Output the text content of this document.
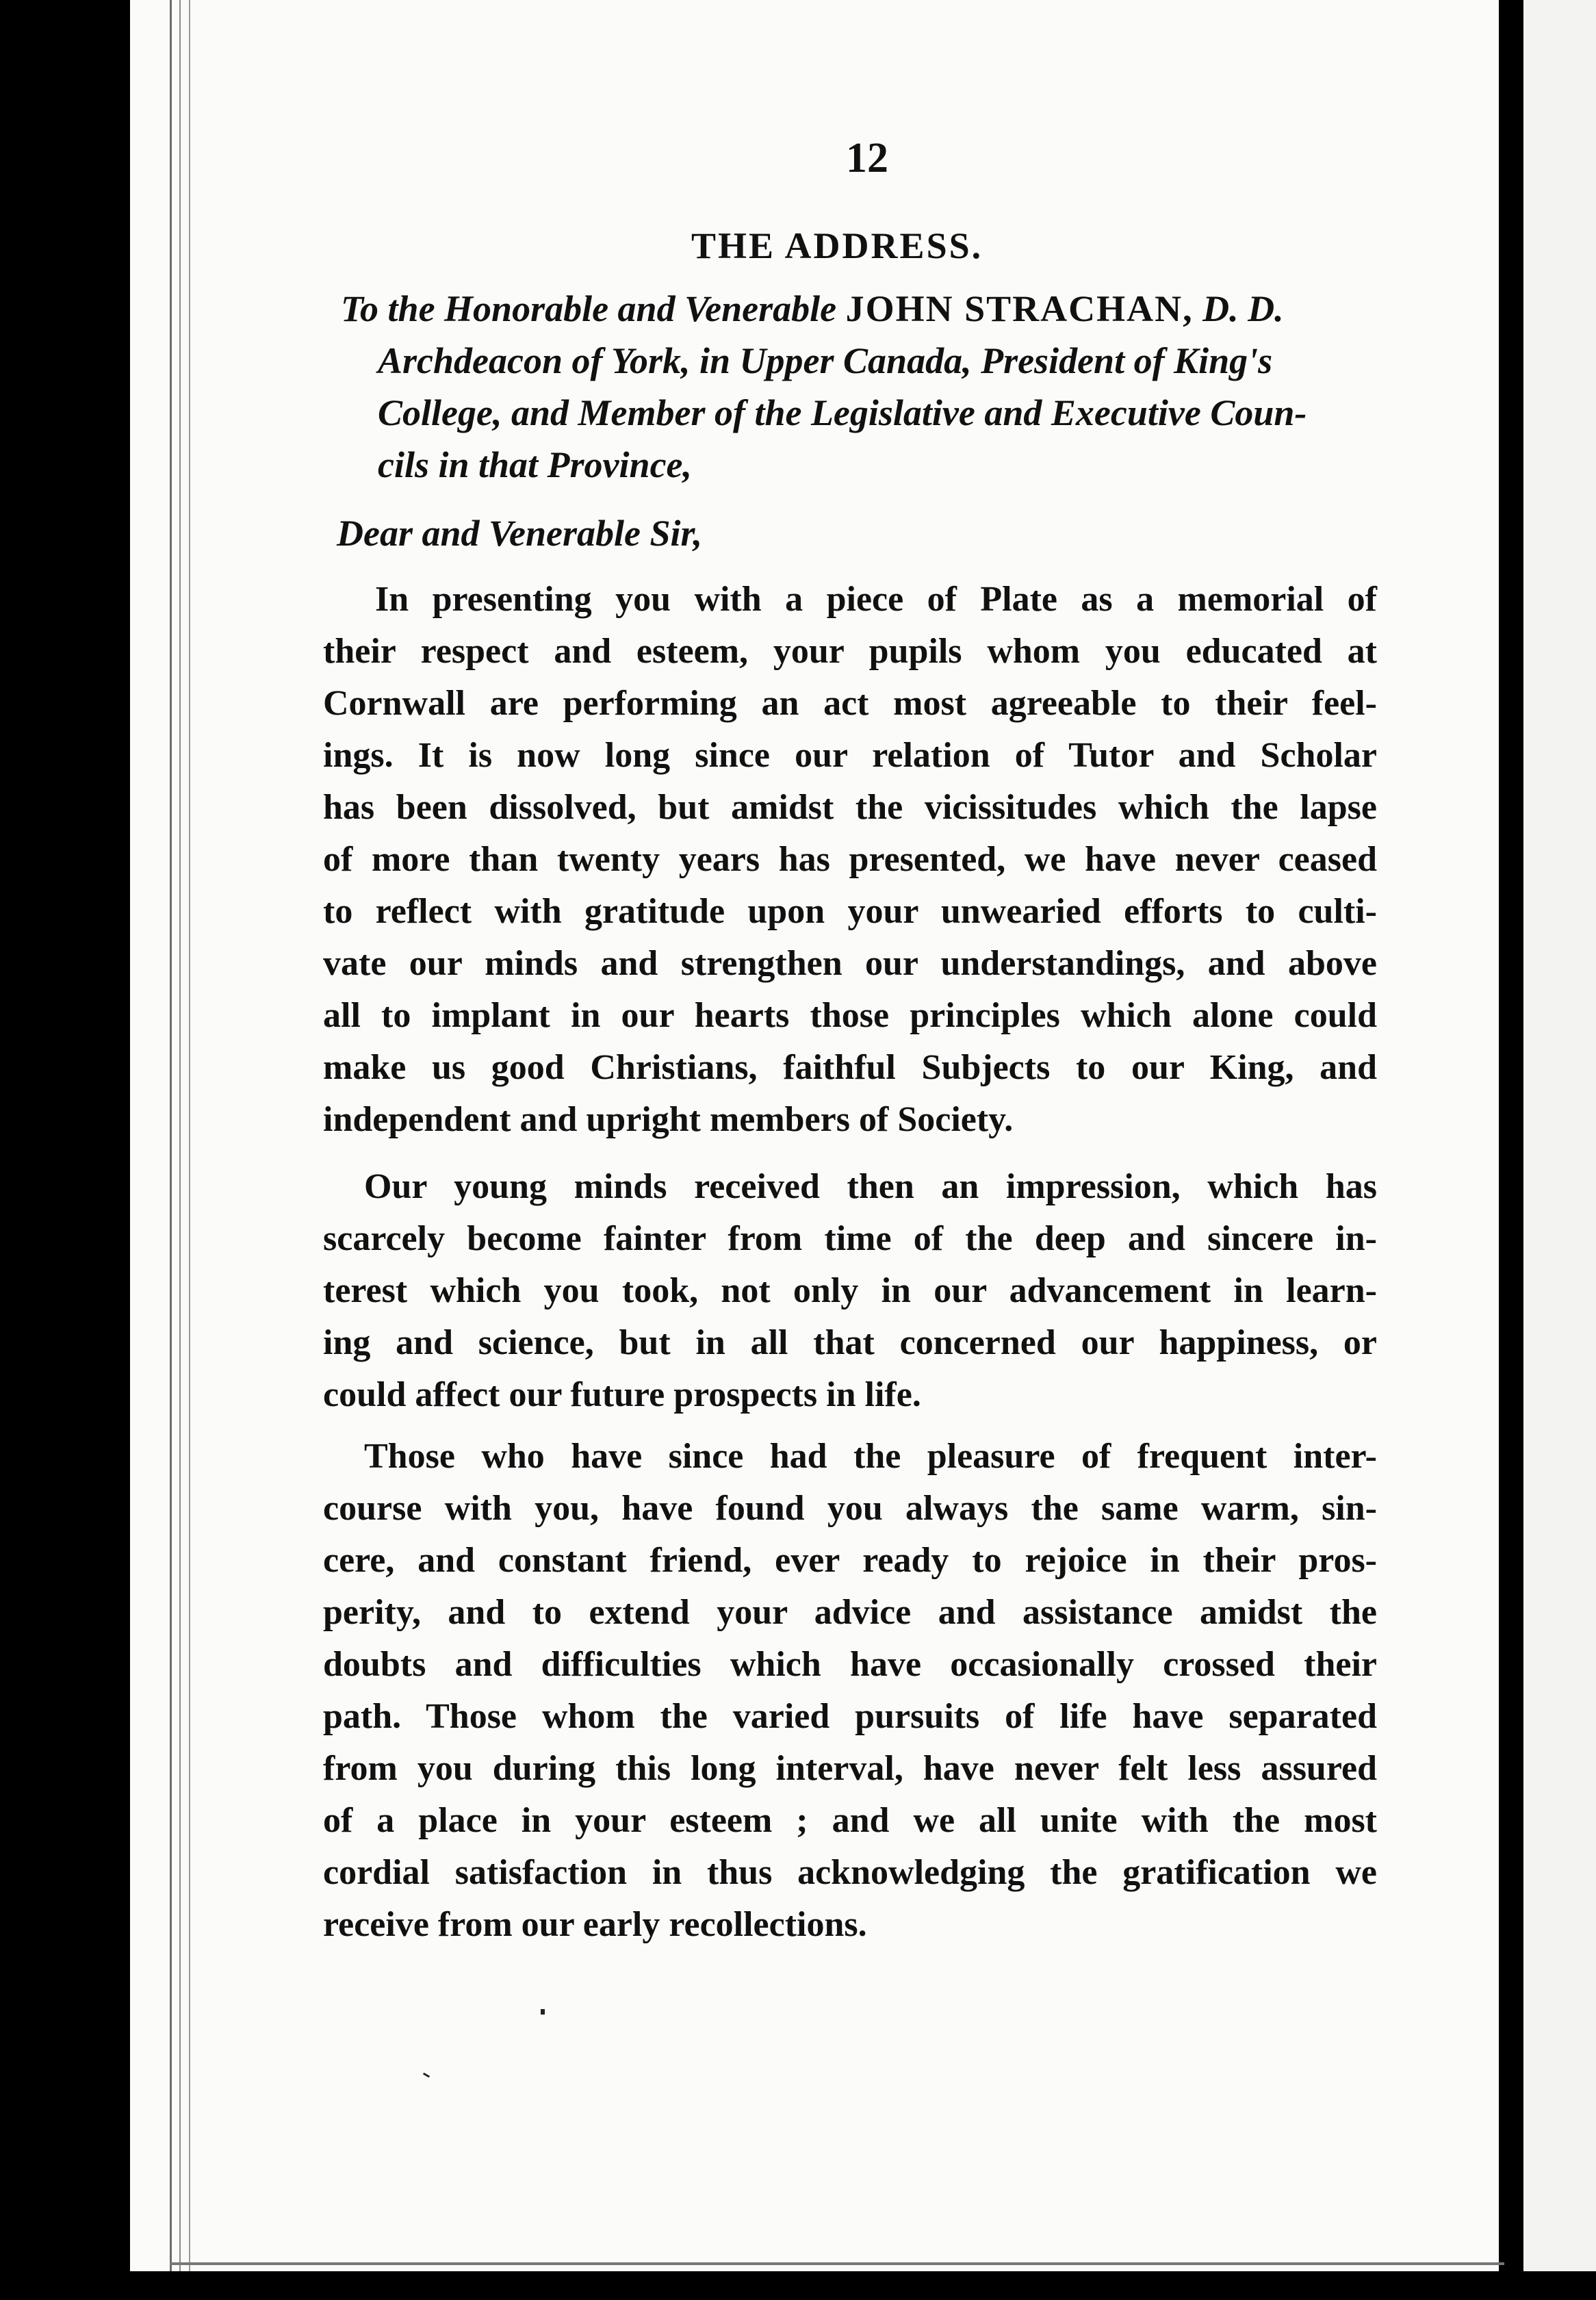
12

THE ADDRESS.

To the Honorable and Venerable JOHN STRACHAN, D. D.

Archdeacon of York, in Upper Canada, President of King's

College, and Member of the Legislative and Executive Coun-

cils in that Province,

Dear and Venerable Sir,

In presenting you with a piece of Plate as a memorial of

their respect and esteem, your pupils whom you educated at

Cornwall are performing an act most agreeable to their feel-

ings. It is now long since our relation of Tutor and Scholar

has been dissolved, but amidst the vicissitudes which the lapse

of more than twenty years has presented, we have never ceased

to reflect with gratitude upon your unwearied efforts to culti-

vate our minds and strengthen our understandings, and above

all to implant in our hearts those principles which alone could

make us good Christians, faithful Subjects to our King, and

independent and upright members of Society.

Our young minds received then an impression, which has

scarcely become fainter from time of the deep and sincere in-

terest which you took, not only in our advancement in learn-

ing and science, but in all that concerned our happiness, or

could affect our future prospects in life.

Those who have since had the pleasure of frequent inter-

course with you, have found you always the same warm, sin-

cere, and constant friend, ever ready to rejoice in their pros-

perity, and to extend your advice and assistance amidst the

doubts and difficulties which have occasionally crossed their

path. Those whom the varied pursuits of life have separated

from you during this long interval, have never felt less assured

of a place in your esteem ; and we all unite with the most

cordial satisfaction in thus acknowledging the gratification we

receive from our early recollections.
